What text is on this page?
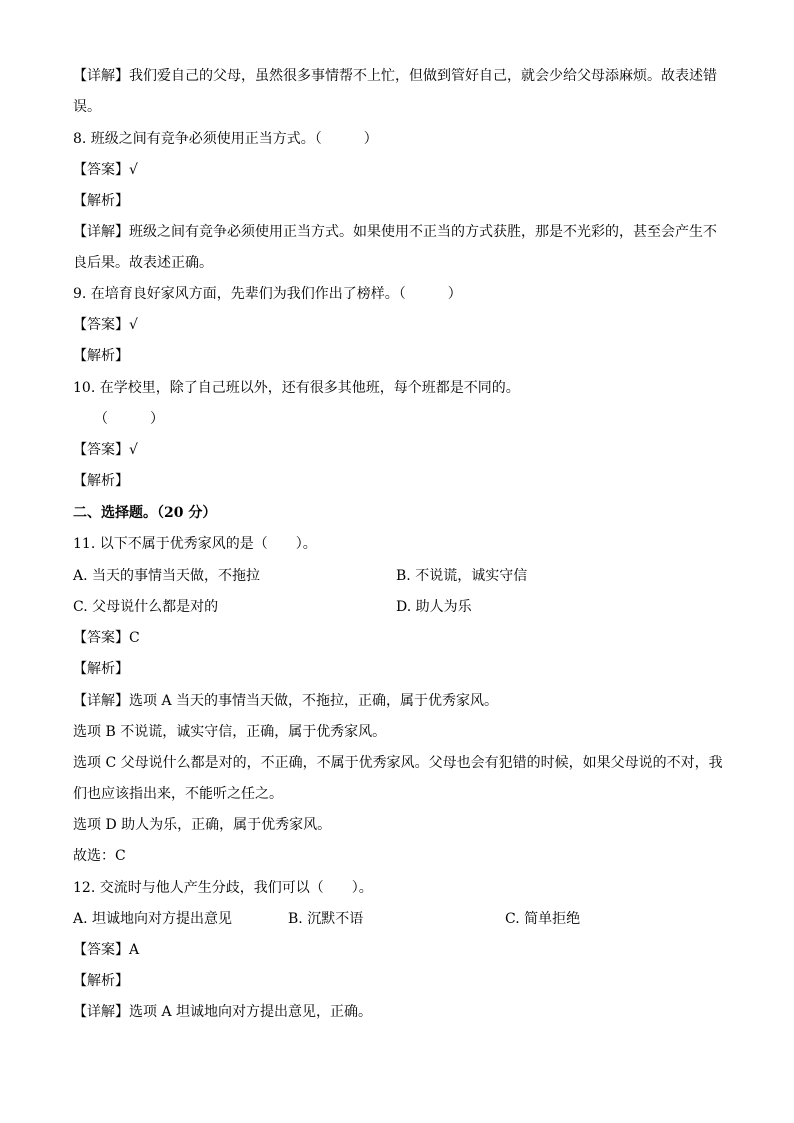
【详解】我们爱自己的父母，虽然很多事情帮不上忙，但做到管好自己，就会少给父母添麻烦。故表述错
误。
8. 班级之间有竞争必须使用正当方式。（　　　）
【答案】√
【解析】
【详解】班级之间有竞争必须使用正当方式。如果使用不正当的方式获胜，那是不光彩的，甚至会产生不
良后果。故表述正确。
9. 在培育良好家风方面，先辈们为我们作出了榜样。（　　　）
【答案】√
【解析】
10. 在学校里，除了自己班以外，还有很多其他班，每个班都是不同的。
　　（　　　）
【答案】√
【解析】
二、选择题。（20 分）
11. 以下不属于优秀家风的是（　　）。
A. 当天的事情当天做，不拖拉	B. 不说谎，诚实守信
C. 父母说什么都是对的	D. 助人为乐
【答案】C
【解析】
【详解】选项 A 当天的事情当天做，不拖拉，正确，属于优秀家风。
选项 B 不说谎，诚实守信，正确，属于优秀家风。
选项 C 父母说什么都是对的，不正确，不属于优秀家风。父母也会有犯错的时候，如果父母说的不对，我
们也应该指出来，不能听之任之。
选项 D 助人为乐，正确，属于优秀家风。
故选：C
12. 交流时与他人产生分歧，我们可以（　　）。
A. 坦诚地向对方提出意见	B. 沉默不语	C. 简单拒绝
【答案】A
【解析】
【详解】选项 A 坦诚地向对方提出意见，正确。
